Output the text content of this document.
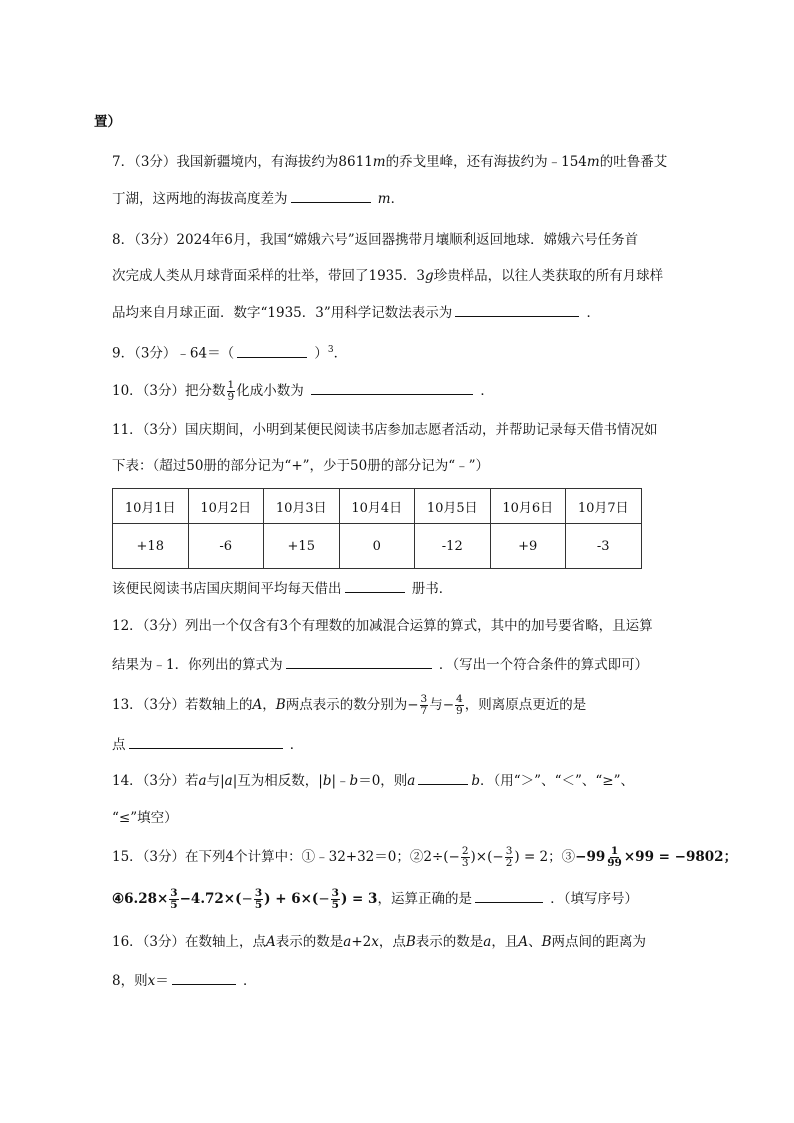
置）
7．（3分）我国新疆境内，有海拔约为8611m的乔戈里峰，还有海拔约为﹣154m的吐鲁番艾
丁湖，这两地的海拔高度差为	m．
8．（3分）2024年6月，我国“嫦娥六号”返回器携带月壤顺利返回地球．嫦娥六号任务首
次完成人类从月球背面采样的壮举，带回了1935．3g珍贵样品，以往人类获取的所有月球样
品均来自月球正面．数字“1935．3”用科学记数法表示为	．
9．（3分）﹣64＝（	）$^3$．
10．（3分）把分数 $\frac{1}{9}$ 化成小数为	．
11．（3分）国庆期间，小明到某便民阅读书店参加志愿者活动，并帮助记录每天借书情况如
下表：（超过50册的部分记为“+”，少于50册的部分记为“﹣”）
10月1日	10月2日	10月3日	10月4日	10月5日	10月6日	10月7日
+18	-6	+15	0	-12	+9	-3
该便民阅读书店国庆期间平均每天借出	册书．
12．（3分）列出一个仅含有3个有理数的加减混合运算的算式，其中的加号要省略，且运算
结果为﹣1．你列出的算式为	．（写出一个符合条件的算式即可）
13．（3分）若数轴上的A，B两点表示的数分别为− $\frac{3}{7}$ 与− $\frac{4}{9}$ ，则离原点更近的是
点	．
14．（3分）若a与|a|互为相反数，|b|﹣b＝0，则a	b．（用“＞”、“＜”、“≥”、
“≤”填空）
15．（3分）在下列4个计算中：①﹣32+32＝0；②2÷(− $\frac{2}{3}$ )×(− $\frac{3}{2}$ ) = 2；③−99 $\frac{1}{99} \times 99 = -9802$；
④6.28× $\frac{3}{5} -4.72\times(- \frac{3}{5}$ ) + $6\times(- \frac{3}{5}$ ) = 3，运算正确的是	．（填写序号）
16．（3分）在数轴上，点A表示的数是a+2x，点B表示的数是a，且A、B两点间的距离为
8，则x＝	．
